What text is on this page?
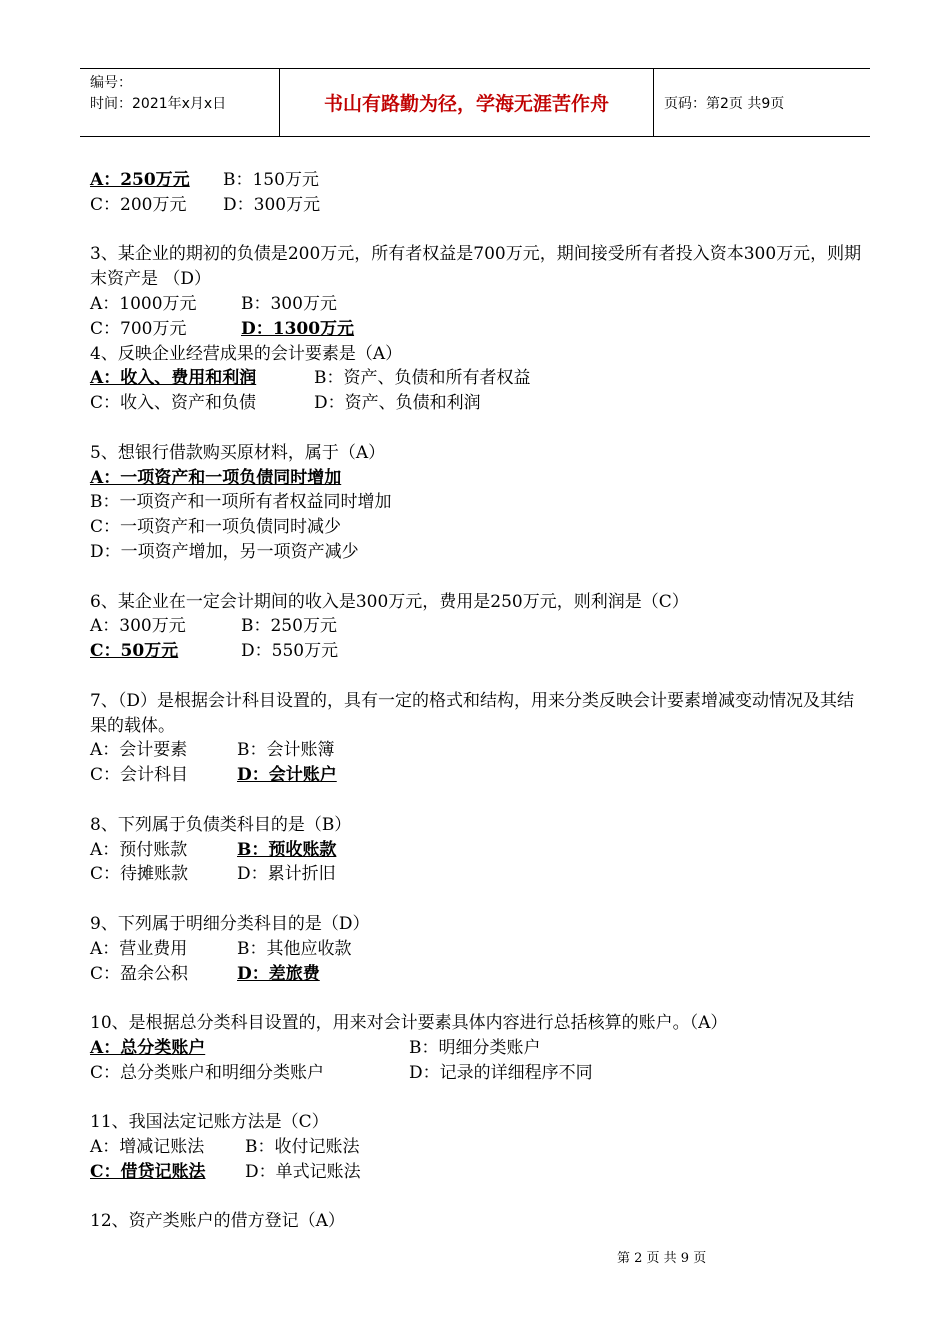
编号：
时间：2021年x月x日	书山有路勤为径，学海无涯苦作舟	页码：第2页 共9页
A：250万元 B：150万元
C：200万元 D：300万元
3、某企业的期初的负债是200万元，所有者权益是700万元，期间接受所有者投入资本300万元，则期末资产是 （D）
A：1000万元	B：300万元
C：700万元	D：1300万元
4、反映企业经营成果的会计要素是（A）
A：收入、费用和利润	B：资产、负债和所有者权益
C：收入、资产和负债	D：资产、负债和利润
5、想银行借款购买原材料，属于（A）
A：一项资产和一项负债同时增加
B：一项资产和一项所有者权益同时增加
C：一项资产和一项负债同时减少
D：一项资产增加，另一项资产减少
6、某企业在一定会计期间的收入是300万元，费用是250万元，则利润是（C）
A：300万元	B：250万元
C：50万元	D：550万元
7、（D）是根据会计科目设置的，具有一定的格式和结构，用来分类反映会计要素增减变动情况及其结果的载体。
A：会计要素	B：会计账簿
C：会计科目	D：会计账户
8、下列属于负债类科目的是（B）
A：预付账款	B：预收账款
C：待摊账款	D：累计折旧
9、下列属于明细分类科目的是（D）
A：营业费用	B：其他应收款
C：盈余公积	D：差旅费
10、是根据总分类科目设置的，用来对会计要素具体内容进行总括核算的账户。（A）
A：总分类账户	B：明细分类账户
C：总分类账户和明细分类账户	D：记录的详细程序不同
11、我国法定记账方法是（C）
A：增减记账法 B：收付记账法
C：借贷记账法 D：单式记账法
12、资产类账户的借方登记（A）
第 2 页 共 9 页
